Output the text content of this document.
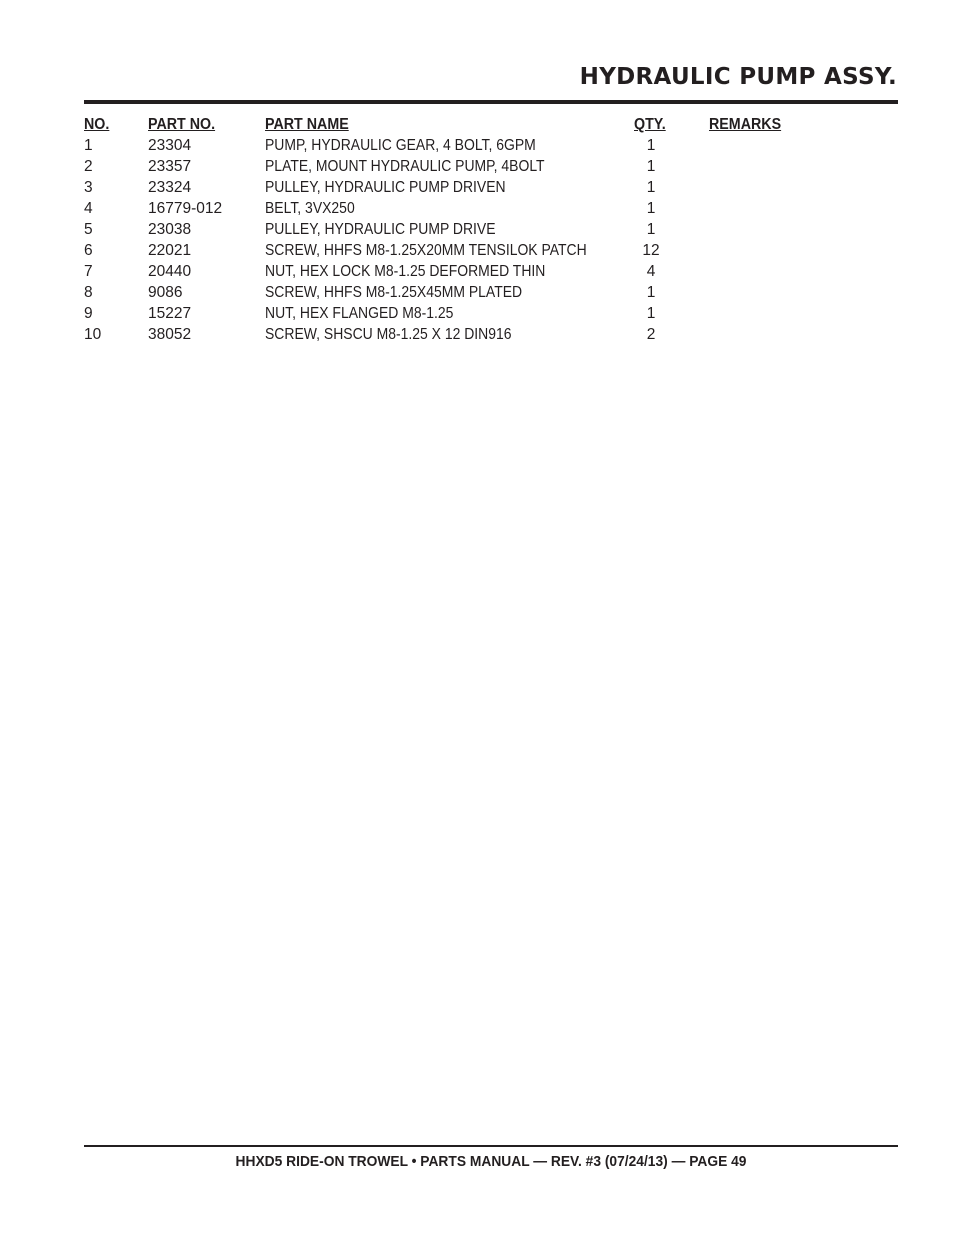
HYDRAULIC PUMP ASSY.
NO. PART NO.	PART NAME	QTY.	REMARKS
1	23304	PUMP, HYDRAULIC GEAR, 4 BOLT, 6GPM	1
2	23357	PLATE, MOUNT HYDRAULIC PUMP, 4BOLT	1
3	23324	PULLEY, HYDRAULIC PUMP DRIVEN	1
4	16779-012	BELT, 3VX250	1
5	23038	PULLEY, HYDRAULIC PUMP DRIVE	1
6	22021	SCREW, HHFS M8-1.25X20MM TENSILOK PATCH	12
7	20440	NUT, HEX LOCK M8-1.25 DEFORMED THIN	4
8	9086	SCREW, HHFS M8-1.25X45MM PLATED	1
9	15227	NUT, HEX FLANGED M8-1.25	1
10	38052	SCREW, SHSCU M8-1.25 X 12 DIN916	2
HHXD5 RIDE-ON TROWEL • PARTS MANUAL — REV. #3 (07/24/13) — PAGE 49
